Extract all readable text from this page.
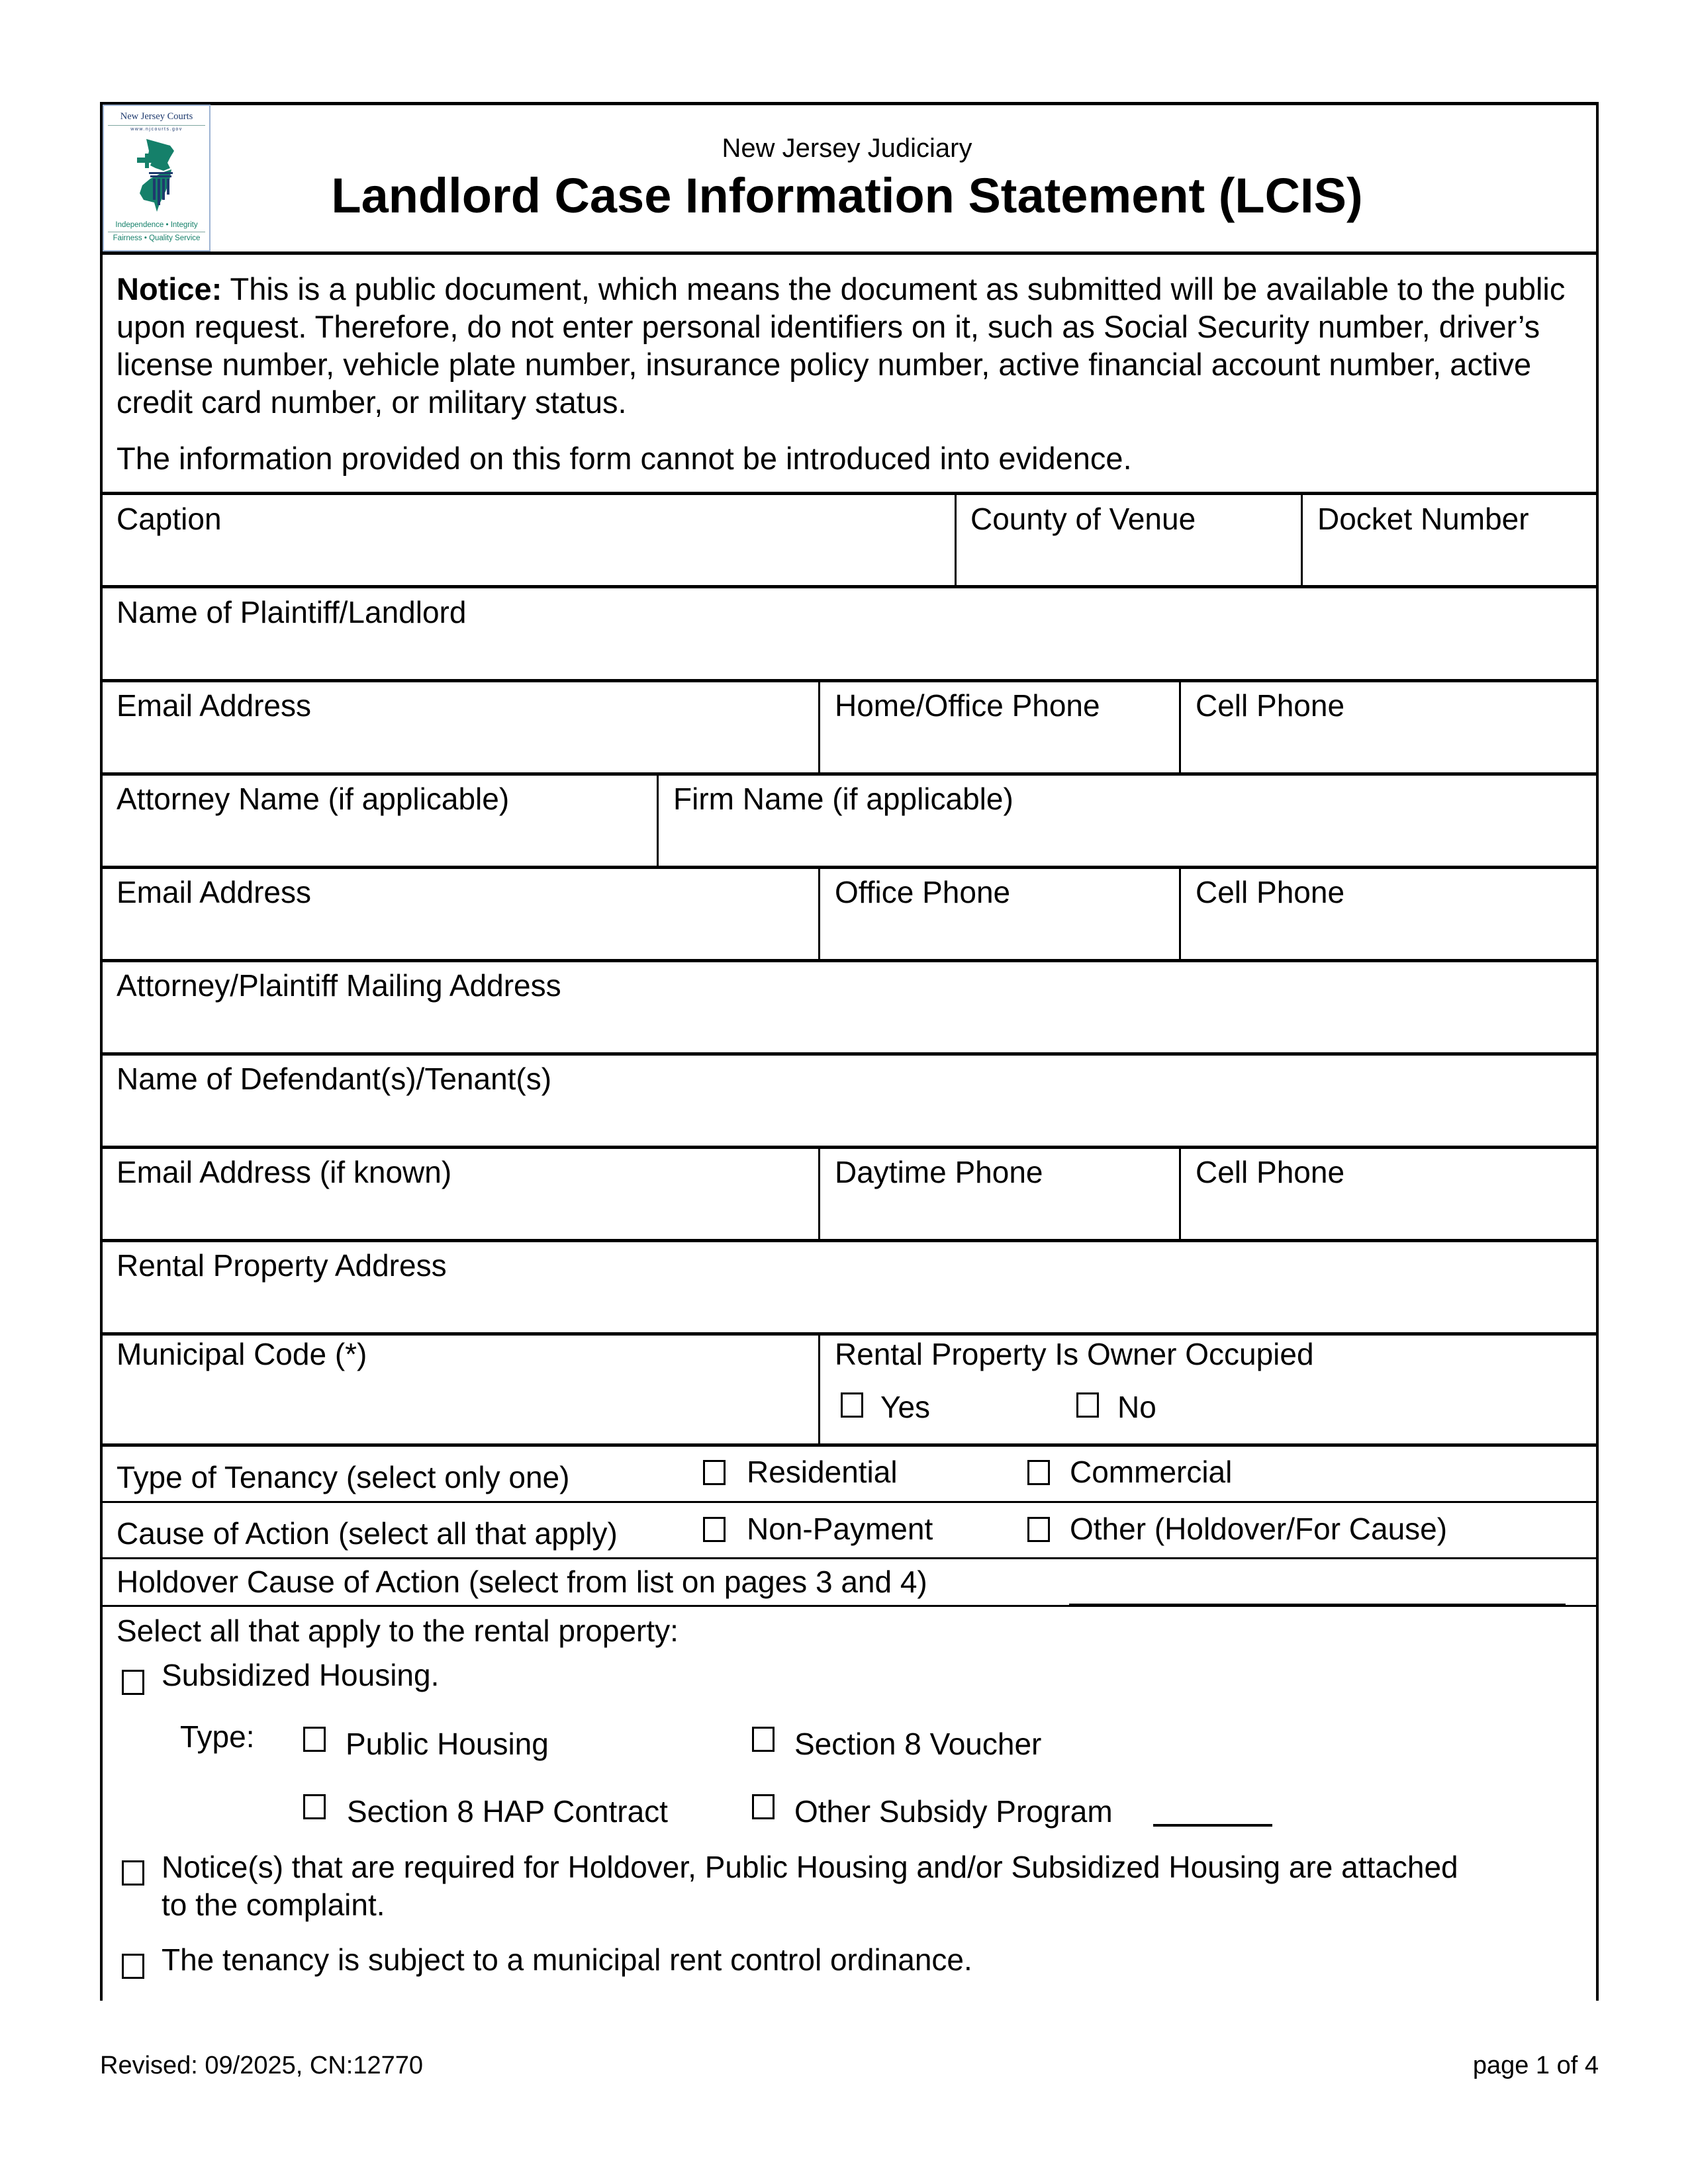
New Jersey Courts
www.njcourts.gov
Independence • Integrity
Fairness • Quality Service
New Jersey Judiciary
Landlord Case Information Statement (LCIS)
Notice: This is a public document, which means the document as submitted will be available to the public upon request. Therefore, do not enter personal identifiers on it, such as Social Security number, driver’s license number, vehicle plate number, insurance policy number, active financial account number, active credit card number, or military status.
The information provided on this form cannot be introduced into evidence.
Caption	County of Venue	Docket Number
Name of Plaintiff/Landlord
Email Address	Home/Office Phone	Cell Phone
Attorney Name (if applicable)	Firm Name (if applicable)
Email Address	Office Phone	Cell Phone
Attorney/Plaintiff Mailing Address
Name of Defendant(s)/Tenant(s)
Email Address (if known)	Daytime Phone	Cell Phone
Rental Property Address
Municipal Code (*)	Rental Property Is Owner Occupied
Yes	No
Type of Tenancy (select only one)	Residential	Commercial
Cause of Action (select all that apply)	Non-Payment	Other (Holdover/For Cause)
Holdover Cause of Action (select from list on pages 3 and 4)
Select all that apply to the rental property:
Subsidized Housing.
Type:	Public Housing	Section 8 Voucher
Section 8 HAP Contract	Other Subsidy Program
Notice(s) that are required for Holdover, Public Housing and/or Subsidized Housing are attached
to the complaint.
The tenancy is subject to a municipal rent control ordinance.
Revised: 09/2025, CN:12770	page 1 of 4
